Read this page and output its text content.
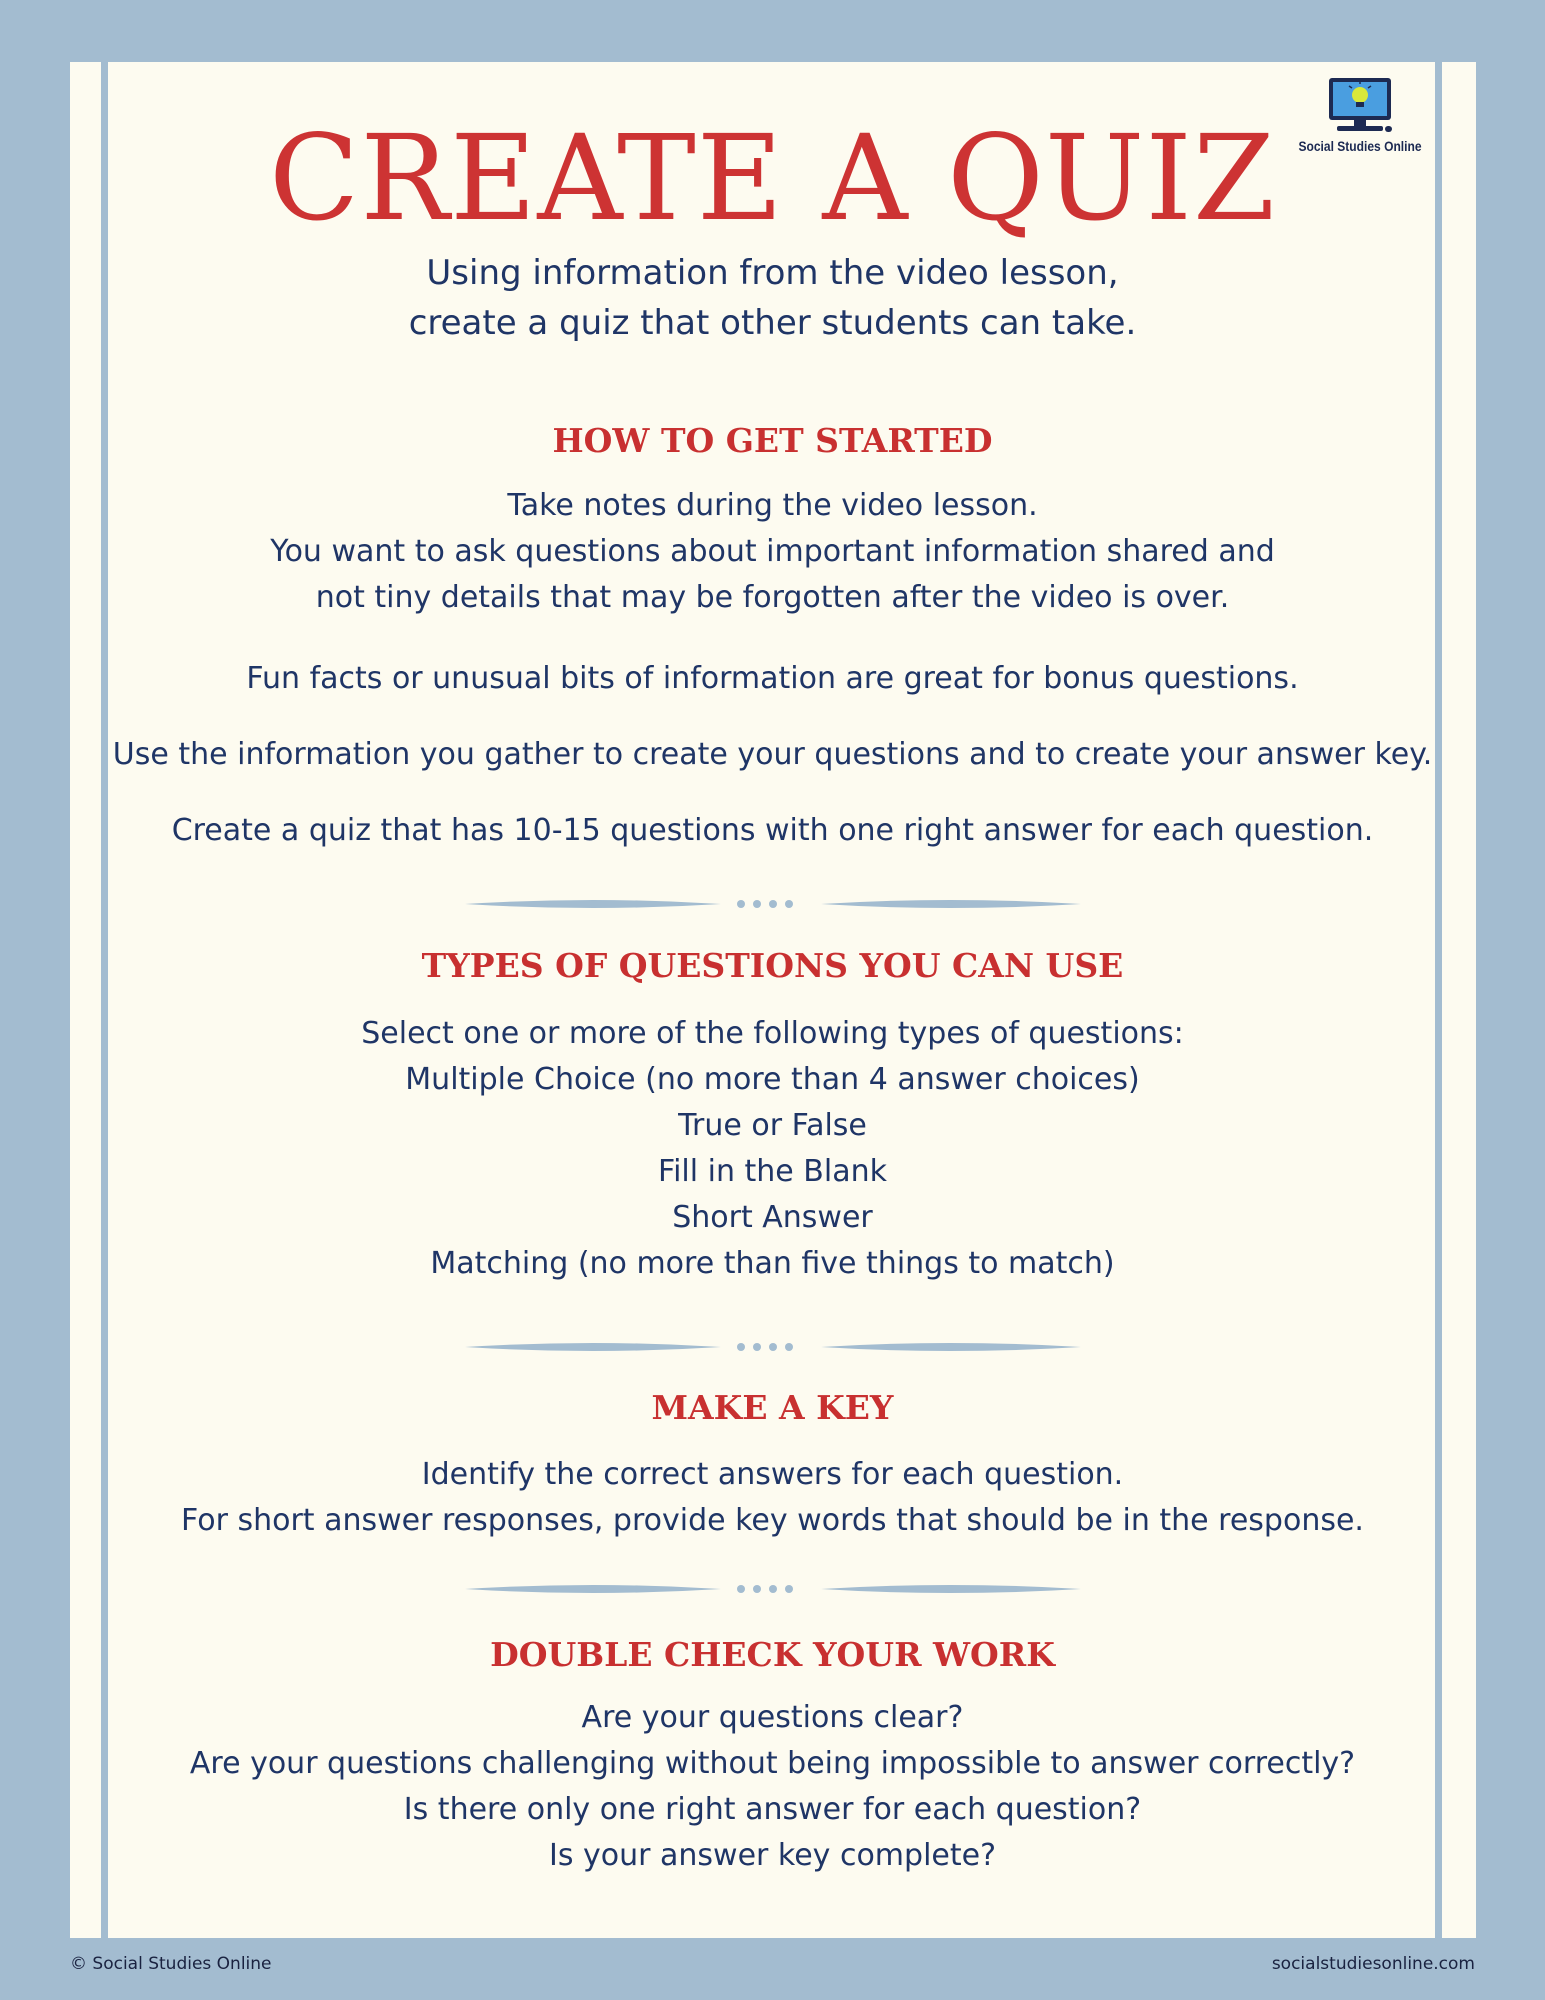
Social Studies Online
CREATE A QUIZ
Using information from the video lesson,
create a quiz that other students can take.
HOW TO GET STARTED
Take notes during the video lesson.
You want to ask questions about important information shared and
not tiny details that may be forgotten after the video is over.
Fun facts or unusual bits of information are great for bonus questions.
Use the information you gather to create your questions and to create your answer key.
Create a quiz that has 10-15 questions with one right answer for each question.
TYPES OF QUESTIONS YOU CAN USE
Select one or more of the following types of questions:
Multiple Choice (no more than 4 answer choices)
True or False
Fill in the Blank
Short Answer
Matching (no more than five things to match)
MAKE A KEY
Identify the correct answers for each question.
For short answer responses, provide key words that should be in the response.
DOUBLE CHECK YOUR WORK
Are your questions clear?
Are your questions challenging without being impossible to answer correctly?
Is there only one right answer for each question?
Is your answer key complete?
© Social Studies Online	socialstudiesonline.com
